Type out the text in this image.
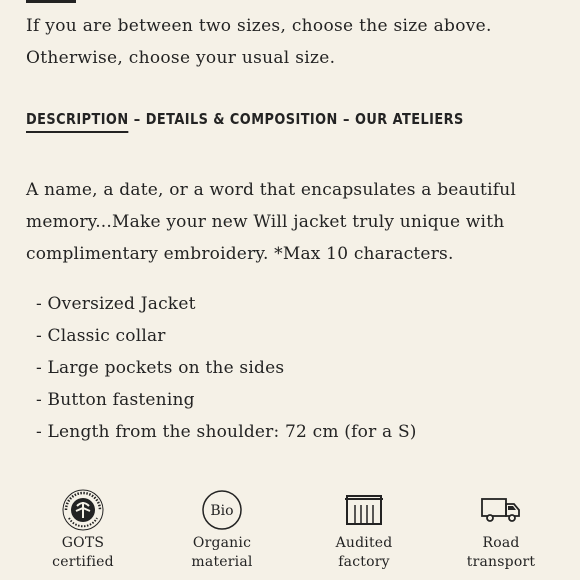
If you are between two sizes, choose the size above. Otherwise, choose your usual size.
DESCRIPTION – DETAILS & COMPOSITION – OUR ATELIERS
A name, a date, or a word that encapsulates a beautiful memory...Make your new Will jacket truly unique with complimentary embroidery. *Max 10 characters.
- Oversized Jacket
- Classic collar
- Large pockets on the sides
- Button fastening
- Length from the shoulder: 72 cm (for a S)
GOTS
certified
Bio
Organic
material
Audited
factory
Road
transport
